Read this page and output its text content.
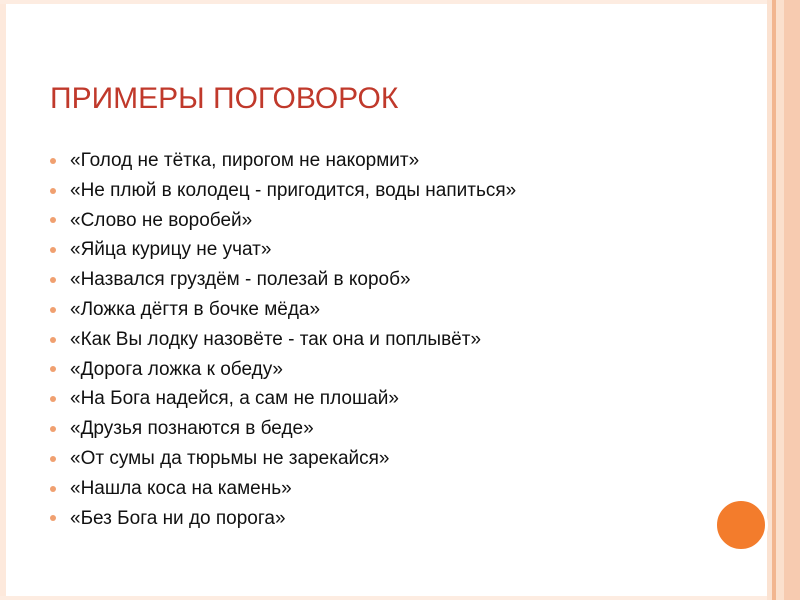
ПРИМЕРЫ ПОГОВОРОК
«Голод не тётка, пирогом не накормит»
«Не плюй в колодец - пригодится, воды напиться»
«Слово не воробей»
«Яйца курицу не учат»
«Назвался груздём - полезай в короб»
«Ложка дёгтя в бочке мёда»
«Как Вы лодку назовёте - так она и поплывёт»
«Дорога ложка к обеду»
«На Бога надейся, а сам не плошай»
«Друзья познаются в беде»
«От сумы да тюрьмы не зарекайся»
«Нашла коса на камень»
«Без Бога ни до порога»
